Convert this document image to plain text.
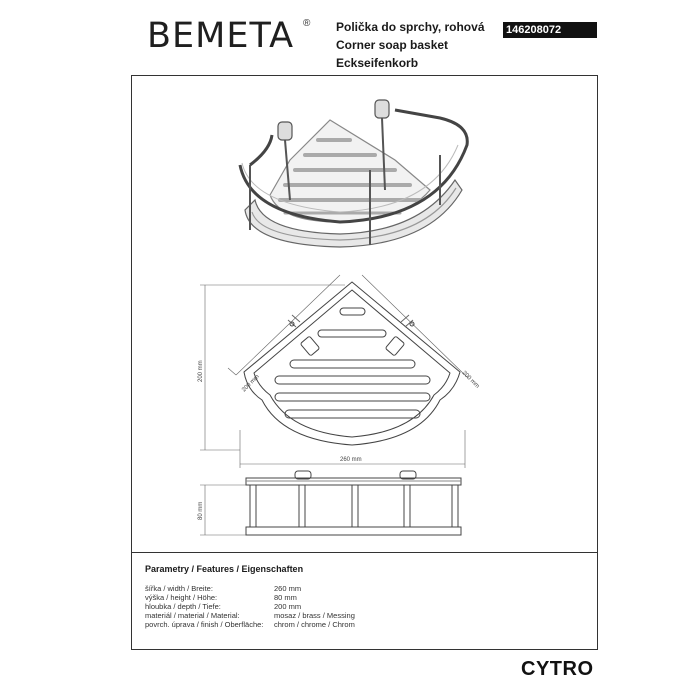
BEMETA ® Polička do sprchy, rohová
Corner soap basket
Eckseifenkorb
146208072
200 mm
200 mm	200 mm
260 mm
80 mm
Parametry / Features / Eigenschaften
šířka / width / Breite:	260 mm
výška / height / Höhe:	80 mm
hloubka / depth / Tiefe:	200 mm
materiál / material / Material:	mosaz / brass / Messing
povrch. úprava / finish / Oberfläche: chrom / chrome / Chrom
CYTRO
